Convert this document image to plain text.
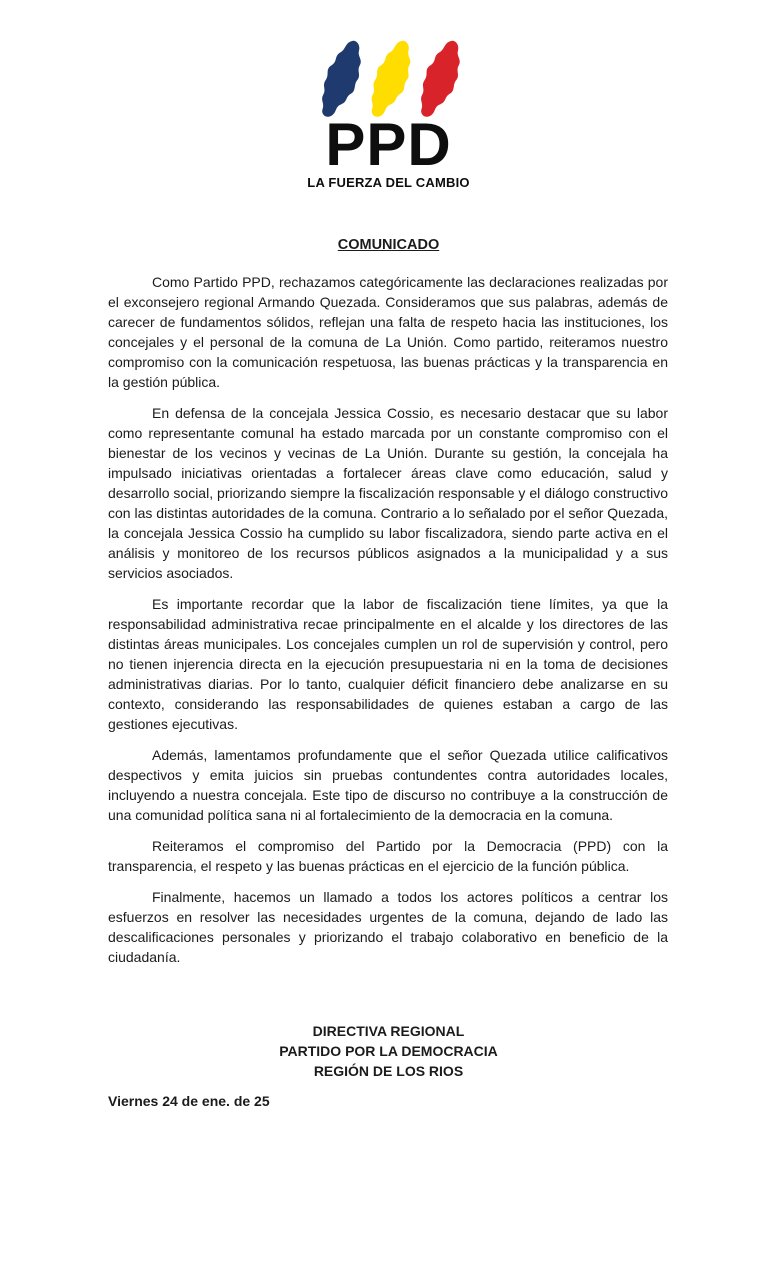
PPD
LA FUERZA DEL CAMBIO
COMUNICADO

Como Partido PPD, rechazamos categóricamente las declaraciones realizadas por el exconsejero regional Armando Quezada. Consideramos que sus palabras, además de carecer de fundamentos sólidos, reflejan una falta de respeto hacia las instituciones, los concejales y el personal de la comuna de La Unión. Como partido, reiteramos nuestro compromiso con la comunicación respetuosa, las buenas prácticas y la transparencia en la gestión pública.

En defensa de la concejala Jessica Cossio, es necesario destacar que su labor como representante comunal ha estado marcada por un constante compromiso con el bienestar de los vecinos y vecinas de La Unión. Durante su gestión, la concejala ha impulsado iniciativas orientadas a fortalecer áreas clave como educación, salud y desarrollo social, priorizando siempre la fiscalización responsable y el diálogo constructivo con las distintas autoridades de la comuna. Contrario a lo señalado por el señor Quezada, la concejala Jessica Cossio ha cumplido su labor fiscalizadora, siendo parte activa en el análisis y monitoreo de los recursos públicos asignados a la municipalidad y a sus servicios asociados.

Es importante recordar que la labor de fiscalización tiene límites, ya que la responsabilidad administrativa recae principalmente en el alcalde y los directores de las distintas áreas municipales. Los concejales cumplen un rol de supervisión y control, pero no tienen injerencia directa en la ejecución presupuestaria ni en la toma de decisiones administrativas diarias. Por lo tanto, cualquier déficit financiero debe analizarse en su contexto, considerando las responsabilidades de quienes estaban a cargo de las gestiones ejecutivas.

Además, lamentamos profundamente que el señor Quezada utilice calificativos despectivos y emita juicios sin pruebas contundentes contra autoridades locales, incluyendo a nuestra concejala. Este tipo de discurso no contribuye a la construcción de una comunidad política sana ni al fortalecimiento de la democracia en la comuna.

Reiteramos el compromiso del Partido por la Democracia (PPD) con la transparencia, el respeto y las buenas prácticas en el ejercicio de la función pública.

Finalmente, hacemos un llamado a todos los actores políticos a centrar los esfuerzos en resolver las necesidades urgentes de la comuna, dejando de lado las descalificaciones personales y priorizando el trabajo colaborativo en beneficio de la ciudadanía.

DIRECTIVA REGIONAL
PARTIDO POR LA DEMOCRACIA
REGIÓN DE LOS RIOS
Viernes 24 de ene. de 25
